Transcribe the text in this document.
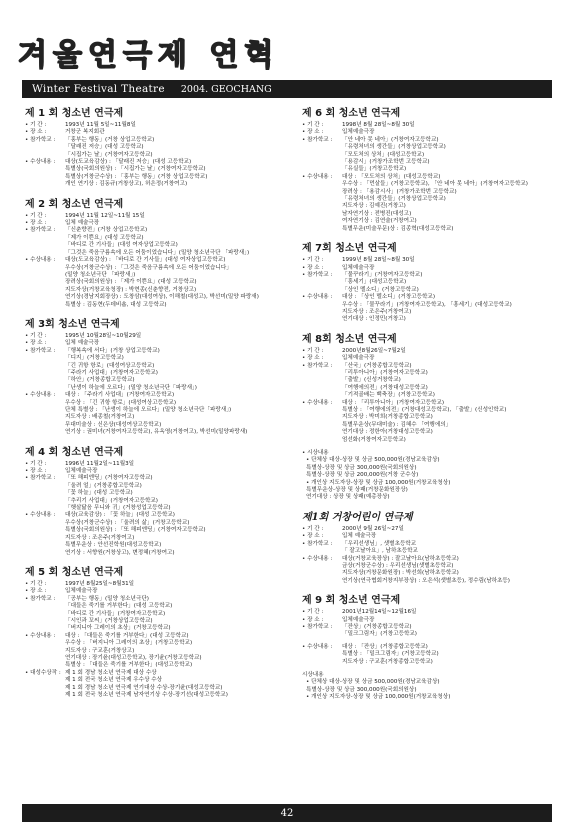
겨울연극제 연혁
Winter Festival Theatre 2004. GEOCHANG
제 1 회 청소년 연극제
• 기 간 :	1993년 11월 5일~11월8일
• 장 소 :	거창군 복지회관
• 참가학교 :	「홍부는 행동」(거창 상업고등학교)
「달래진 저승」(대성 고등학교)
「시집가는 날」(거창여자고등학교)
• 수상내용 :	대상(도교육감상) : 「달래진 저승」(대성 고등학교)
특별상(국회의원상) : 「시집가는 날」(거창여자고등학교)
특별상(거창군수상) : 「홍부는 행동」(거창 상업고등학교)
개인 연기상 : 김동규(거창상고), 허은정(거창여고)
제 2 회 청소년 연극제
• 기 간 :	1994년 11월 12일~11월 15일
• 장 소 :	입체 예술극장
• 참가학교 :	「신춘향전」(거창 상업고등학교)
「제가 이쁜요」(대성 고등학교)
「바디로 간 기사들」(대성 여자상업고등학교)
「그것은 죽음구름속에 오든 어둠이었습니다」(밀양 청소년극단 「파랑새」)
• 수상내용 :	대상(도교육감상) : 「바디로 간 기사들」(대성 여자상업고등학교)
우수상(거창군수상) : 「그것은 죽음구름속에 오든 어둠이었습니다」
(밀양 청소년극단 「파랑새」)
장려상(국회의원상) : 「제가 이쁜요」(대성 고등학교)
지도자상(거창교육청장) : 박현종(신춘향전, 거창상고)
연기상(경남지회장상) : 도창삼(대성여상), 이해철(대성고), 박선미(밀양 파랑새)
특별상 : 김동현(두데비숍, 대성 고등학교)
제 3회 청소년 연극제
• 기 간 :	1995년 10월28일~10월29일
• 장 소 :	입체 예술극장
• 참가학교 :	「행복속에 서다」(거창 상업고등학교)
「디지」(거창고등학교)
「긴 귀항 항로」(대성여상고등학교)
「주라기 사업대」(거창여자고등학교)
「하안」(거창종합고등학교)
「난생이 하늘에 오르다」(밀양 청소년극단「파랑새」)
• 수상내용 :	대상 : 「주라기 사업대」(거창여자고등학교)
우수상 : 「긴 귀항 항로」(대성여상고등학교)
단체 특별상 : 「난생이 하늘에 오르다」(밀양 청소년극단「파랑새」)
지도자상 : 배종철(거창여고)
무대미술상 : 신은상(대성여상고등학교)
연기상 : 권미녀(거창여자고등학교), 유옥영(거창여고), 박선미(밀양파랑새)
제 4 회 청소년 연극제
• 기 간 :	1996년 11월2일~11월3일
• 장 소 :	입체예술극장
• 참가학교 :	「또 해피엔딩」(거창여자고등학교)
「울려 얼」(거창종합고등학교)
「꽃 하늘」(대성 고등학교)
「추리기 사업대」(거창여자고등학교)
「햇살닮음 무니와 귀」(거창성업고등학교)
• 수상내용 :	대상(교육감상) : 「꽃 하늘」(대성 고등학교)
우수상(거창군수상) : 「울려의 삶」(거창고등학교)
특별상(국회의원상) : 「또 해피엔딩」(거창여자고등학교)
지도자상 : 조은주(거창여고)
특별무운상 : 안선진학원(대성고등학교)
연기상 : 서향원(거창상고), 변정혜(거창여고)
제 5 회 청소년 연극제
• 기 간 :	1997년 8월25일~8월31일
• 장 소 :	입체예술극장
• 참가학교 :	「공부는 행동」(밀양 청소년극단)
「대들은 죽기를 거부한다」(대성 고등학교)
「바디로 간 기사들」(거창여자고등학교)
「시인과 꼬씨」(거창상업고등학교)
「버지니아 그레이의 초상」(거창고등학교)
• 수상내용 :	대상 : 「대들은 죽기를 거부한다」(대성 고등학교)
우수상 : 「버지니아 그레이의 초상」(거창고등학교)
지도자상 : 구교훈(거창상고)
연기대상 : 장기윤(대성고등학교), 장기윤(거창고등학교)
특별상 : 「대들은 죽기를 거부한다」(대성고등학교)
• 대성수상작 : 제 1 회 경남 청소년 연극제 대상 수상
제 1 회 전국 청소년 연극제 우수상 수상
제 1 회 경남 청소년 연극제 연기대상 수상-장기윤(대성고등학교)
제 1 회 전국 청소년 연극제 남자연기상 수상-장기선(대성고등학교)
제 6 회 청소년 연극제
• 기 간 :	1998년 8월 28일~8월 30일
• 장 소 :	입체예술극장
• 참가학교 :	「안 네아 못 네아」(거창여자고등학교)
「유령처녀의 생간들」(거창상업고등학교)
「모도처의 상처」(대성고등학교)
「용감시」(거창가조학번 고등학교)
「유실들」(거창고등학교)
• 수상내용 :	대상 : 「모도처의 상처」(대성고등학교)
우수상 : 「먼살들」(거창고등학교), 「안 네아 못 네아」(거창여자고등학교)
장려상 : 「용감시사」(거창가조학번 고등학교)
「유령처녀의 생간들」(거창상업고등학교)
지도자상 : 김예진(거창고)
남자연기상 : 전병진(대성고)
여자연기상 : 김연술(거창여고)
특별무운(미술무문)상 : 김종혁(대성고등학교)
제 7회 청소년 연극제
• 기 간 :	1999년 8월 28일~8월 30일
• 장 소 :	입체예술극장
• 참가학교 :	「물꾸라기」(거창여자고등학교)
「흥세기」(대성고등학교)
「상인 멜소디」(거창고등학교)
• 수상내용 :	대상 : 「상인 멜소디」(거창고등학교)
우수상 : 「물꾸라기」(거창여자고등학교), 「흥세기」(대성고등학교)
지도자상 : 조은주(거창여고)
연기대상 : 인정민(거창고)
제 8회 청소년 연극제
• 기 간 :	2000년8월26일~7월2일
• 장 소 :	입체예술극장
• 참가학교 :	「산국」(거창종합고등학교)
「리투아니아」(거창여자고등학교)
「출발」(신성거창학교)
「여행에의전」(거창대성고등학교)
「기적골배는 백축장」(거창고등학교)
• 수상내용 :	대상 : 「리투아니아」(거창여자고등학교)
특별상 : 「여행에의전」(거창대성고등학교), 「출발」(신성인학교)
지도자상 : 박미희(거창종합고등학교)
특별무운상(무대미술) : 김혜수 「여행에의」
연기대상 : 정한아(거창대성고등학교)
엄선화(거창여자고등학교)
• 시상내용
• 단체상 대상-상장 및 상금 500,000원(경남교육감상)
특별상-상장 및 상금 300,000원(국회의원상)
특별상-상장 및 상금 200,000원(거창 군수상)
• 개인상 지도자상-상장 및 상금 100,000원(거창교육청상)
특별무운상-상장 및 상패(거창문화원장상)
연기대상 : 상장 및 상패(예총장상)
제1회 거창어린이 연극제
• 기 간 :	2000년 9월 26일~27일
• 장 소 :	입체 예술극장
• 참가학교 :	「우리선생님」, 샛별초등학교
「 잘고날아요」, 남하초등학교
• 수상내용 :	대상(거창교육장상) : 잘고날아요(남하초등학교)
금상(거창군수상) : 우리선생님(샛별초등학교)
지도자상(거창문화원장) : 박선희(남하초등학교)
연기상(연극협회거창지부장상) : 오은석(샛별초등), 정수림(남하초등)
제 9 회 청소년 연극제
• 기 간 :	2001년12월14일~12월16일
• 장 소 :	입체예술극장
• 참가학교 :	「잔상」(거창종합고등학교)
「밀크그림자」(거창고등학교)
• 수상내용 :	대상 : 「잔상」(거창종합고등학교)
특별상 : 「밀크그림자」(거창고등학교)
지도자상 : 구교훈(거창종합고등학교)
시상내용
• 단체상 대상-상장 및 상금 500,000원(경남교육감상)
특별상-상장 및 상금 300,000원(국회의원상)
• 개인상 지도자상-상장 및 상금 100,000원(거창교육청상)
42
